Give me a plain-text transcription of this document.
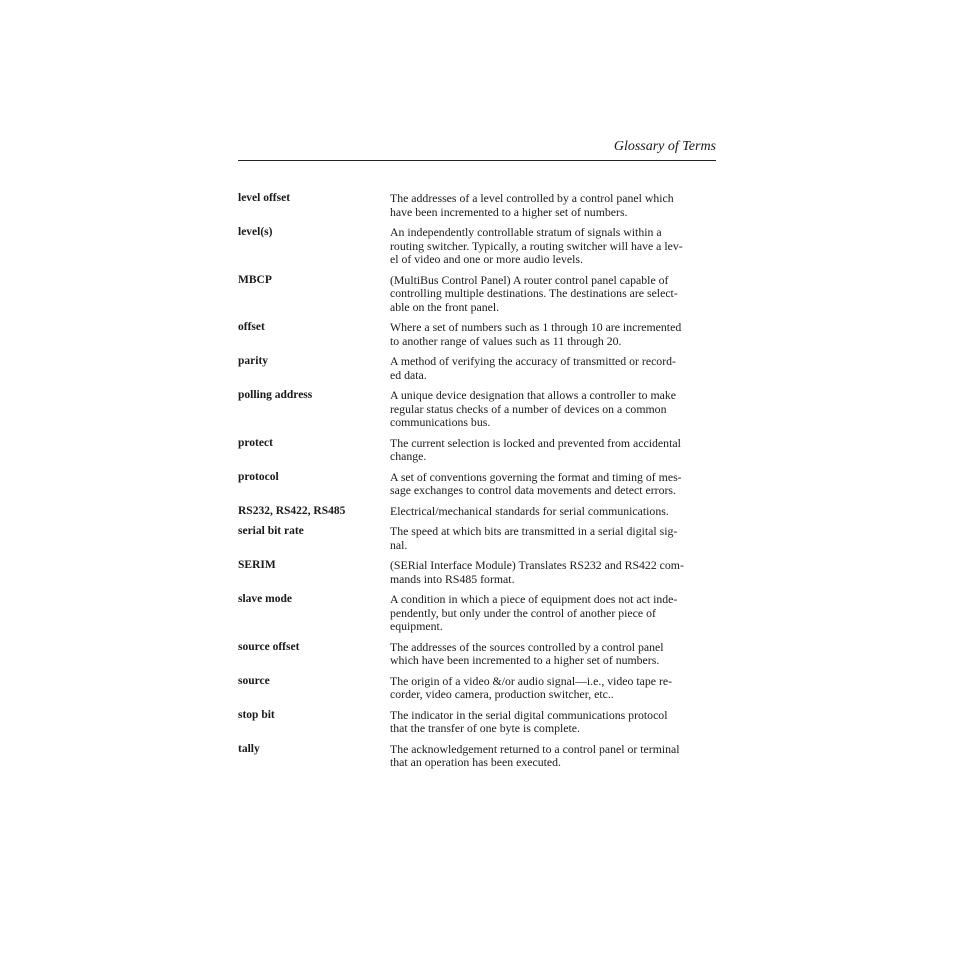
Glossary of Terms
level offset	The addresses of a level controlled by a control panel which
have been incremented to a higher set of numbers.
level(s)	An independently controllable stratum of signals within a
routing switcher. Typically, a routing switcher will have a lev-
el of video and one or more audio levels.
MBCP	(MultiBus Control Panel) A router control panel capable of
controlling multiple destinations. The destinations are select-
able on the front panel.
offset	Where a set of numbers such as 1 through 10 are incremented
to another range of values such as 11 through 20.
parity	A method of verifying the accuracy of transmitted or record-
ed data.
polling address	A unique device designation that allows a controller to make
regular status checks of a number of devices on a common
communications bus.
protect	The current selection is locked and prevented from accidental
change.
protocol	A set of conventions governing the format and timing of mes-
sage exchanges to control data movements and detect errors.
RS232, RS422, RS485	Electrical/mechanical standards for serial communications.
serial bit rate	The speed at which bits are transmitted in a serial digital sig-
nal.
SERIM	(SERial Interface Module) Translates RS232 and RS422 com-
mands into RS485 format.
slave mode	A condition in which a piece of equipment does not act inde-
pendently, but only under the control of another piece of
equipment.
source offset	The addresses of the sources controlled by a control panel
which have been incremented to a higher set of numbers.
source	The origin of a video &/or audio signal—i.e., video tape re-
corder, video camera, production switcher, etc..
stop bit	The indicator in the serial digital communications protocol
that the transfer of one byte is complete.
tally	The acknowledgement returned to a control panel or terminal
that an operation has been executed.
